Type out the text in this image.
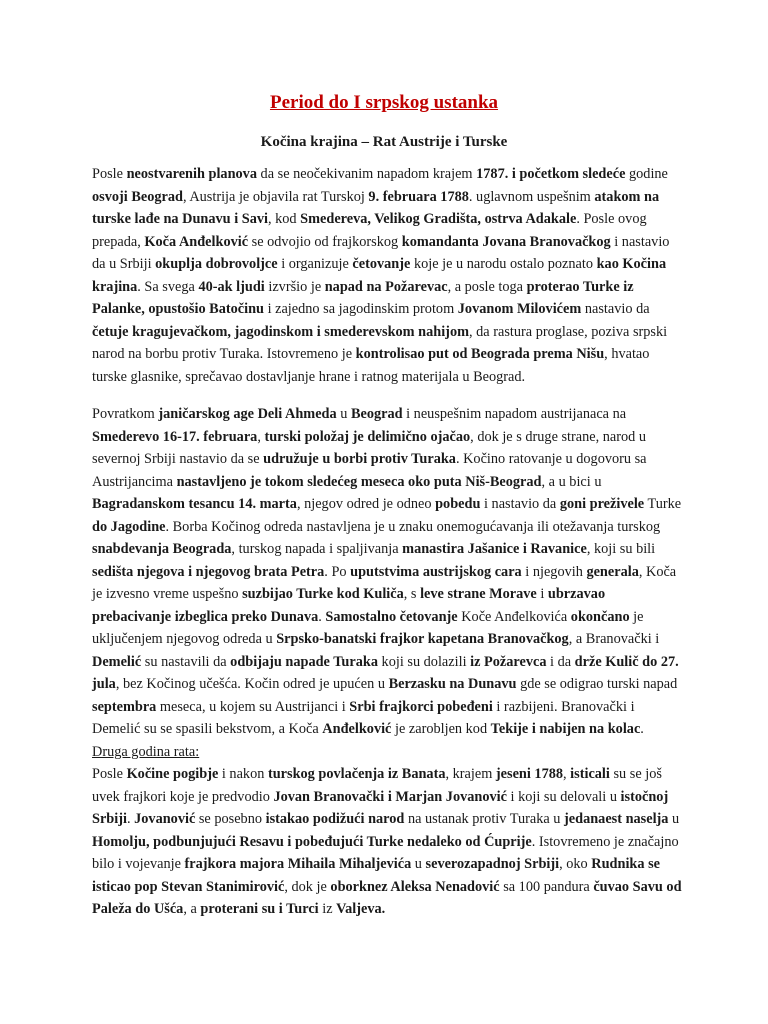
Period do I srpskog ustanka
Kočina krajina – Rat Austrije i Turske

Posle neostvarenih planova da se neočekivanim napadom krajem 1787. i početkom sledeće godine osvoji Beograd, Austrija je objavila rat Turskoj 9. februara 1788. uglavnom uspešnim atakom na turske lađe na Dunavu i Savi, kod Smedereva, Velikog Gradišta, ostrva Adakale. Posle ovog prepada, Koča Anđelković se odvojio od frajkorskog komandanta Jovana Branovačkog i nastavio da u Srbiji okuplja dobrovoljce i organizuje četovanje koje je u narodu ostalo poznato kao Kočina krajina. Sa svega 40-ak ljudi izvršio je napad na Požarevac, a posle toga proterao Turke iz Palanke, opustošio Batočinu i zajedno sa jagodinskim protom Jovanom Milovićem nastavio da četuje kragujevačkom, jagodinskom i smederevskom nahijom, da rastura proglase, poziva srpski narod na borbu protiv Turaka. Istovremeno je kontrolisao put od Beograda prema Nišu, hvatao turske glasnike, sprečavao dostavljanje hrane i ratnog materijala u Beograd.

Povratkom janičarskog age Deli Ahmeda u Beograd i neuspešnim napadom austrijanaca na Smederevo 16-17. februara, turski položaj je delimično ojačao, dok je s druge strane, narod u severnoj Srbiji nastavio da se udružuje u borbi protiv Turaka. Kočino ratovanje u dogovoru sa Austrijancima nastavljeno je tokom sledećeg meseca oko puta Niš-Beograd, a u bici u Bagradanskom tesancu 14. marta, njegov odred je odneo pobedu i nastavio da goni preživele Turke do Jagodine. Borba Kočinog odreda nastavljena je u znaku onemogućavanja ili otežavanja turskog snabdevanja Beograda, turskog napada i spaljivanja manastira Jašanice i Ravanice, koji su bili sedišta njegova i njegovog brata Petra. Po uputstvima austrijskog cara i njegovih generala, Koča je izvesno vreme uspešno suzbijao Turke kod Kuliča, s leve strane Morave i ubrzavao prebacivanje izbeglica preko Dunava. Samostalno četovanje Koče Anđelkovića okončano je uključenjem njegovog odreda u Srpsko-banatski frajkor kapetana Branovačkog, a Branovački i Demelić su nastavili da odbijaju napade Turaka koji su dolazili iz Požarevca i da drže Kulič do 27. jula, bez Kočinog učešća. Kočin odred je upućen u Berzasku na Dunavu gde se odigrao turski napad septembra meseca, u kojem su Austrijanci i Srbi frajkorci pobeđeni i razbijeni. Branovački i Demelić su se spasili bekstvom, a Koča Anđelković je zarobljen kod Tekije i nabijen na kolac.

Druga godina rata:

Posle Kočine pogibje i nakon turskog povlačenja iz Banata, krajem jeseni 1788, isticali su se još uvek frajkori koje je predvodio Jovan Branovački i Marjan Jovanović i koji su delovali u istočnoj Srbiji. Jovanović se posebno istakao podižući narod na ustanak protiv Turaka u jedanaest naselja u Homolju, podbunjujući Resavu i pobeđujući Turke nedaleko od Ćuprije. Istovremeno je značajno bilo i vojevanje frajkora majora Mihaila Mihaljevića u severozapadnoj Srbiji, oko Rudnika se isticao pop Stevan Stanimirović, dok je oborknez Aleksa Nenadović sa 100 pandura čuvao Savu od Paleža do Ušća, a proterani su i Turci iz Valjeva.
